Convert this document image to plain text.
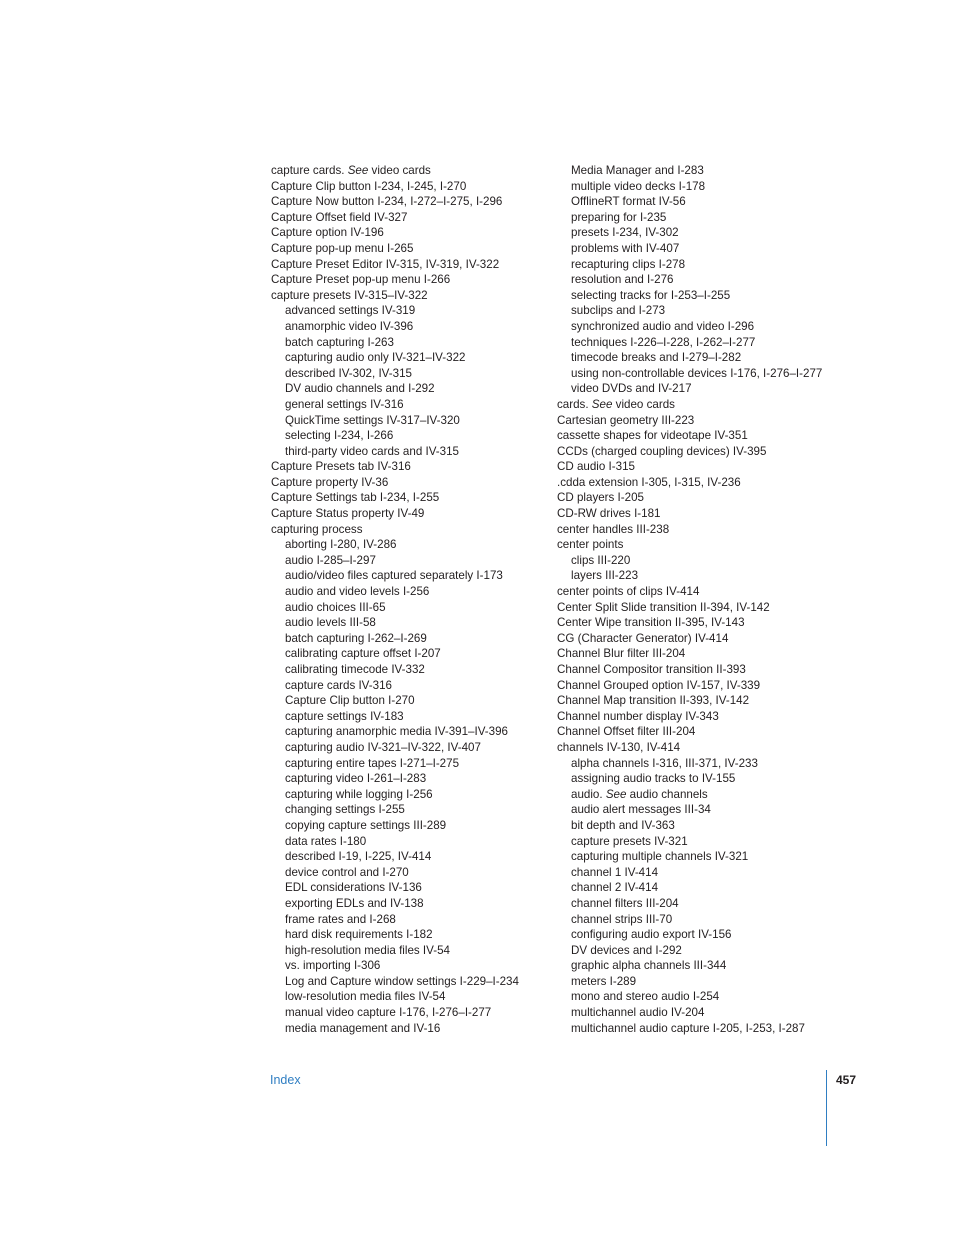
capture cards. See video cards
Capture Clip button I-234, I-245, I-270
Capture Now button I-234, I-272–I-275, I-296
Capture Offset field IV-327
Capture option IV-196
Capture pop-up menu I-265
Capture Preset Editor IV-315, IV-319, IV-322
Capture Preset pop-up menu I-266
capture presets IV-315–IV-322
advanced settings IV-319
anamorphic video IV-396
batch capturing I-263
capturing audio only IV-321–IV-322
described IV-302, IV-315
DV audio channels and I-292
general settings IV-316
QuickTime settings IV-317–IV-320
selecting I-234, I-266
third-party video cards and IV-315
Capture Presets tab IV-316
Capture property IV-36
Capture Settings tab I-234, I-255
Capture Status property IV-49
capturing process
aborting I-280, IV-286
audio I-285–I-297
audio/video files captured separately I-173
audio and video levels I-256
audio choices III-65
audio levels III-58
batch capturing I-262–I-269
calibrating capture offset I-207
calibrating timecode IV-332
capture cards IV-316
Capture Clip button I-270
capture settings IV-183
capturing anamorphic media IV-391–IV-396
capturing audio IV-321–IV-322, IV-407
capturing entire tapes I-271–I-275
capturing video I-261–I-283
capturing while logging I-256
changing settings I-255
copying capture settings III-289
data rates I-180
described I-19, I-225, IV-414
device control and I-270
EDL considerations IV-136
exporting EDLs and IV-138
frame rates and I-268
hard disk requirements I-182
high-resolution media files IV-54
vs. importing I-306
Log and Capture window settings I-229–I-234
low-resolution media files IV-54
manual video capture I-176, I-276–I-277
media management and IV-16
Media Manager and I-283
multiple video decks I-178
OfflineRT format IV-56
preparing for I-235
presets I-234, IV-302
problems with IV-407
recapturing clips I-278
resolution and I-276
selecting tracks for I-253–I-255
subclips and I-273
synchronized audio and video I-296
techniques I-226–I-228, I-262–I-277
timecode breaks and I-279–I-282
using non-controllable devices I-176, I-276–I-277
video DVDs and IV-217
cards. See video cards
Cartesian geometry III-223
cassette shapes for videotape IV-351
CCDs (charged coupling devices) IV-395
CD audio I-315
.cdda extension I-305, I-315, IV-236
CD players I-205
CD-RW drives I-181
center handles III-238
center points
clips III-220
layers III-223
center points of clips IV-414
Center Split Slide transition II-394, IV-142
Center Wipe transition II-395, IV-143
CG (Character Generator) IV-414
Channel Blur filter III-204
Channel Compositor transition II-393
Channel Grouped option IV-157, IV-339
Channel Map transition II-393, IV-142
Channel number display IV-343
Channel Offset filter III-204
channels IV-130, IV-414
alpha channels I-316, III-371, IV-233
assigning audio tracks to IV-155
audio. See audio channels
audio alert messages III-34
bit depth and IV-363
capture presets IV-321
capturing multiple channels IV-321
channel 1 IV-414
channel 2 IV-414
channel filters III-204
channel strips III-70
configuring audio export IV-156
DV devices and I-292
graphic alpha channels III-344
meters I-289
mono and stereo audio I-254
multichannel audio IV-204
multichannel audio capture I-205, I-253, I-287
Index	457
